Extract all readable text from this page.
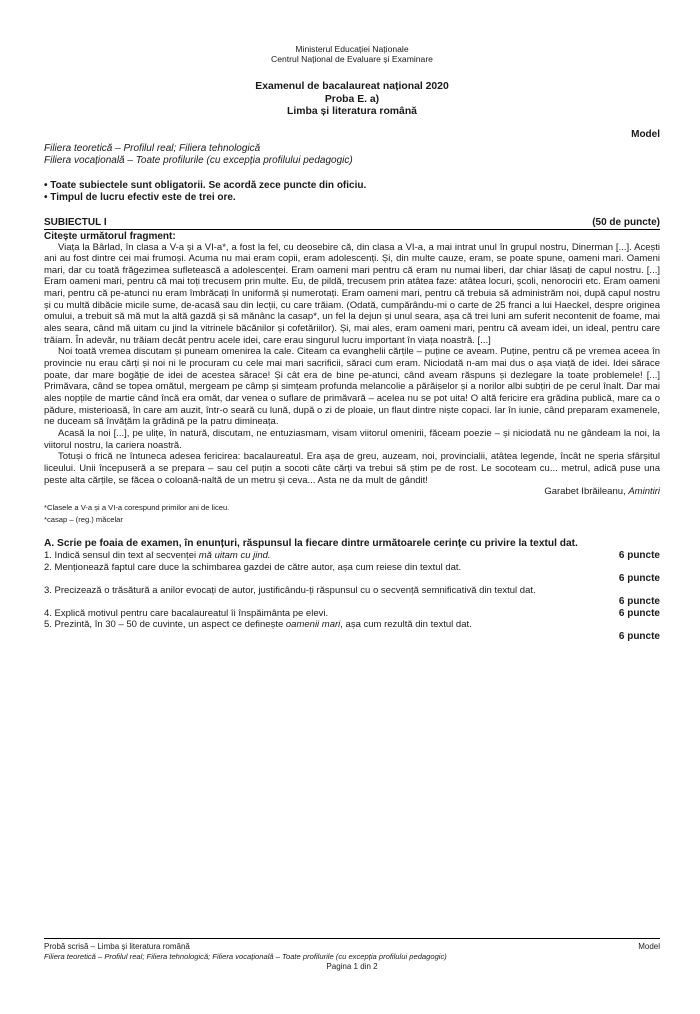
Ministerul Educației Naționale
Centrul Național de Evaluare și Examinare
Examenul de bacalaureat național 2020
Proba E. a)
Limba și literatura română
Model
Filiera teoretică – Profilul real; Filiera tehnologică
Filiera vocațională – Toate profilurile (cu excepția profilului pedagogic)
• Toate subiectele sunt obligatorii. Se acordă zece puncte din oficiu.
• Timpul de lucru efectiv este de trei ore.
SUBIECTUL I	(50 de puncte)
Citește următorul fragment:

Viața la Bârlad, în clasa a V-a și a VI-a*, a fost la fel, cu deosebire că, din clasa a VI-a, a mai intrat unul în grupul nostru, Dinerman [...]. Acești ani au fost dintre cei mai frumoși. Acuma nu mai eram copii, eram adolescenți. Și, din multe cauze, eram, se poate spune, oameni mari. Oameni mari, dar cu toată frăgezimea sufletească a adolescenței. Eram oameni mari pentru că eram nu numai liberi, dar chiar lăsați de capul nostru. [...] Eram oameni mari, pentru că mai toți trecusem prin multe. Eu, de pildă, trecusem prin atâtea faze: atâtea locuri, școli, nenorociri etc. Eram oameni mari, pentru că pe-atunci nu eram îmbrăcați în uniformă și numerotați. Eram oameni mari, pentru că trebuia să administrăm noi, după capul nostru și cu multă dibăcie micile sume, de-acasă sau din lecții, cu care trăiam. (Odată, cumpărându-mi o carte de 25 franci a lui Haeckel, despre originea omului, a trebuit să mă mut la altă gazdă și să mănânc la casap*, un fel la dejun și unul seara, așa că trei luni am suferit necontenit de foame, mai ales seara, când mă uitam cu jind la vitrinele băcănilor și cofetăriilor). Și, mai ales, eram oameni mari, pentru că aveam idei, un ideal, pentru care trăiam. În adevăr, nu trăiam decât pentru acele idei, care erau singurul lucru important în viața noastră. [...]

Noi toată vremea discutam și puneam omenirea la cale. Citeam ca evanghelii cărțile – puține ce aveam. Puține, pentru că pe vremea aceea în provincie nu erau cărți și noi ni le procuram cu cele mai mari sacrificii, săraci cum eram. Niciodată n-am mai dus o așa viață de idei. Idei sărace poate, dar mare bogăție de idei de acestea sărace! Și cât era de bine pe-atunci, când aveam răspuns și dezlegare la toate problemele! [...] Primăvara, când se topea omătul, mergeam pe câmp și simțeam profunda melancolie a părăișelor și a norilor albi subțiri de pe cerul înalt. Dar mai ales nopțile de martie când încă era omăt, dar venea o suflare de primăvară – acelea nu se pot uita! O altă fericire era grădina publică, mare ca o pădure, misterioasă, în care am auzit, într-o seară cu lună, după o zi de ploaie, un flaut dintre niște copaci. Iar în iunie, când preparam examenele, ne duceam să învățăm la grădină pe la patru dimineața.

Acasă la noi [...], pe ulițe, în natură, discutam, ne entuziasmam, visam viitorul omenirii, făceam poezie – și niciodată nu ne gândeam la noi, la viitorul nostru, la cariera noastră.

Totuși o frică ne întuneca adesea fericirea: bacalaureatul. Era așa de greu, auzeam, noi, provincialii, atâtea legende, încât ne speria sfârșitul liceului. Unii începuseră a se prepara – sau cel puțin a socoti câte cărți va trebui să știm pe de rost. Le socoteam cu... metrul, adică puse una peste alta cărțile, se făcea o coloană-naltă de un metru și ceva... Asta ne da mult de gândit!

Garabet Ibrăileanu, Amintiri
*Clasele a V-a și a VI-a corespund primilor ani de liceu.
*casap – (reg.) măcelar
A. Scrie pe foaia de examen, în enunțuri, răspunsul la fiecare dintre următoarele cerințe cu privire la textul dat.
1. Indică sensul din text al secvenței mă uitam cu jind.	6 puncte
2. Menționează faptul care duce la schimbarea gazdei de către autor, așa cum reiese din textul dat.
6 puncte
3. Precizează o trăsătură a anilor evocați de autor, justificându-ți răspunsul cu o secvență semnificativă din textul dat.
6 puncte
4. Explică motivul pentru care bacalaureatul îi înspăimânta pe elevi.	6 puncte
5. Prezintă, în 30 – 50 de cuvinte, un aspect ce definește oamenii mari, așa cum rezultă din textul dat.
6 puncte
Probă scrisă – Limba și literatura română	Model
Filiera teoretică – Profilul real; Filiera tehnologică; Filiera vocațională – Toate profilurile (cu excepția profilului pedagogic)
Pagina 1 din 2
